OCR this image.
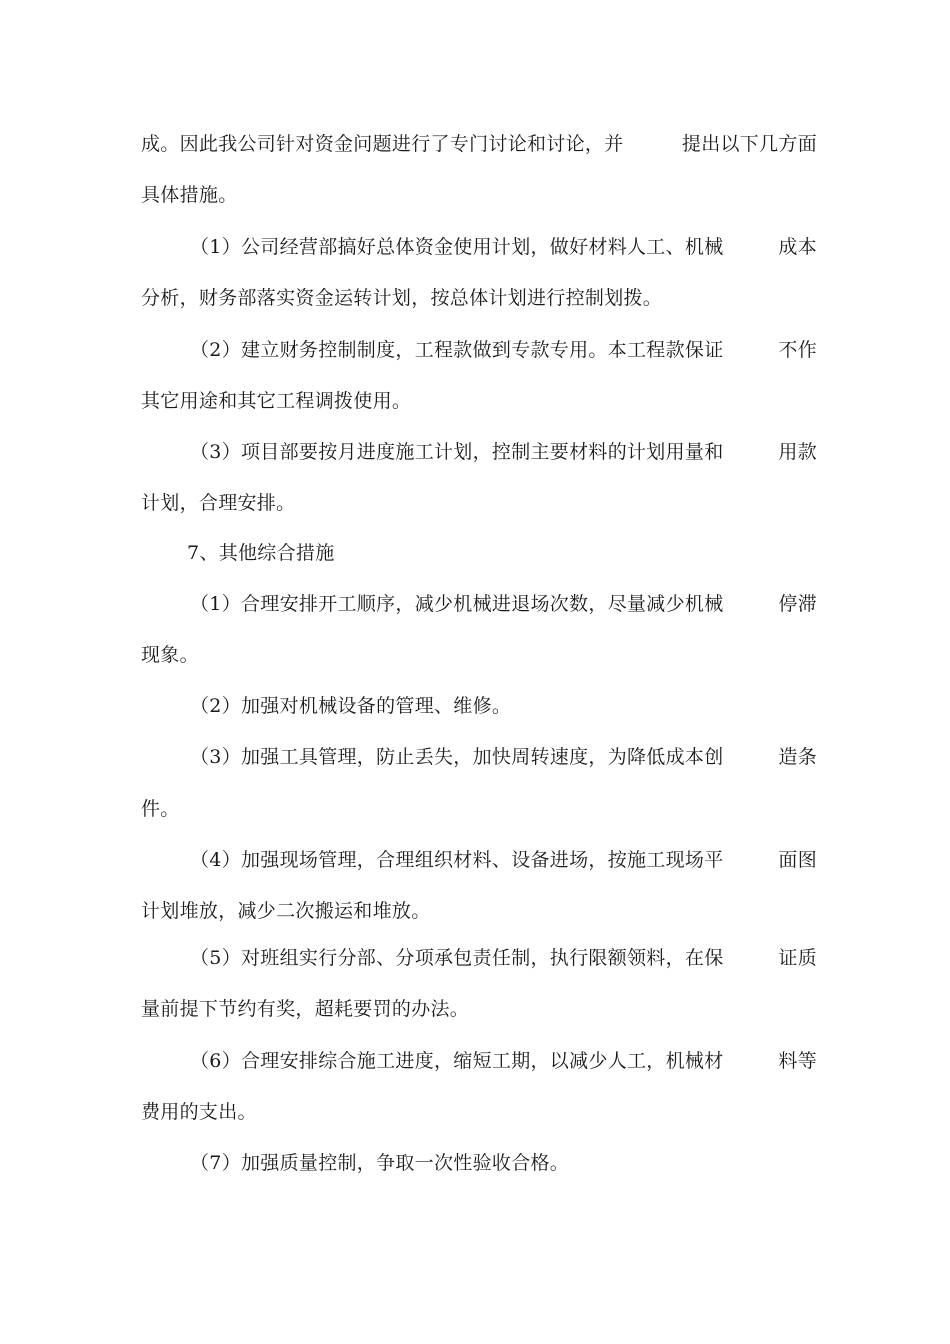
成。因此我公司针对资金问题进行了专门讨论和讨论，并	提出以下几方面
具体措施。
（1）公司经营部搞好总体资金使用计划，做好材料人工、机械	成本
分析，财务部落实资金运转计划，按总体计划进行控制划拨。
（2）建立财务控制制度，工程款做到专款专用。本工程款保证	不作
其它用途和其它工程调拨使用。
（3）项目部要按月进度施工计划，控制主要材料的计划用量和	用款
计划，合理安排。
7、其他综合措施
（1）合理安排开工顺序，减少机械进退场次数，尽量减少机械	停滞
现象。
（2）加强对机械设备的管理、维修。
（3）加强工具管理，防止丢失，加快周转速度，为降低成本创	造条
件。
（4）加强现场管理，合理组织材料、设备进场，按施工现场平	面图
计划堆放，减少二次搬运和堆放。
（5）对班组实行分部、分项承包责任制，执行限额领料，在保	证质
量前提下节约有奖，超耗要罚的办法。
（6）合理安排综合施工进度，缩短工期，以减少人工，机械材	料等
费用的支出。
（7）加强质量控制，争取一次性验收合格。
